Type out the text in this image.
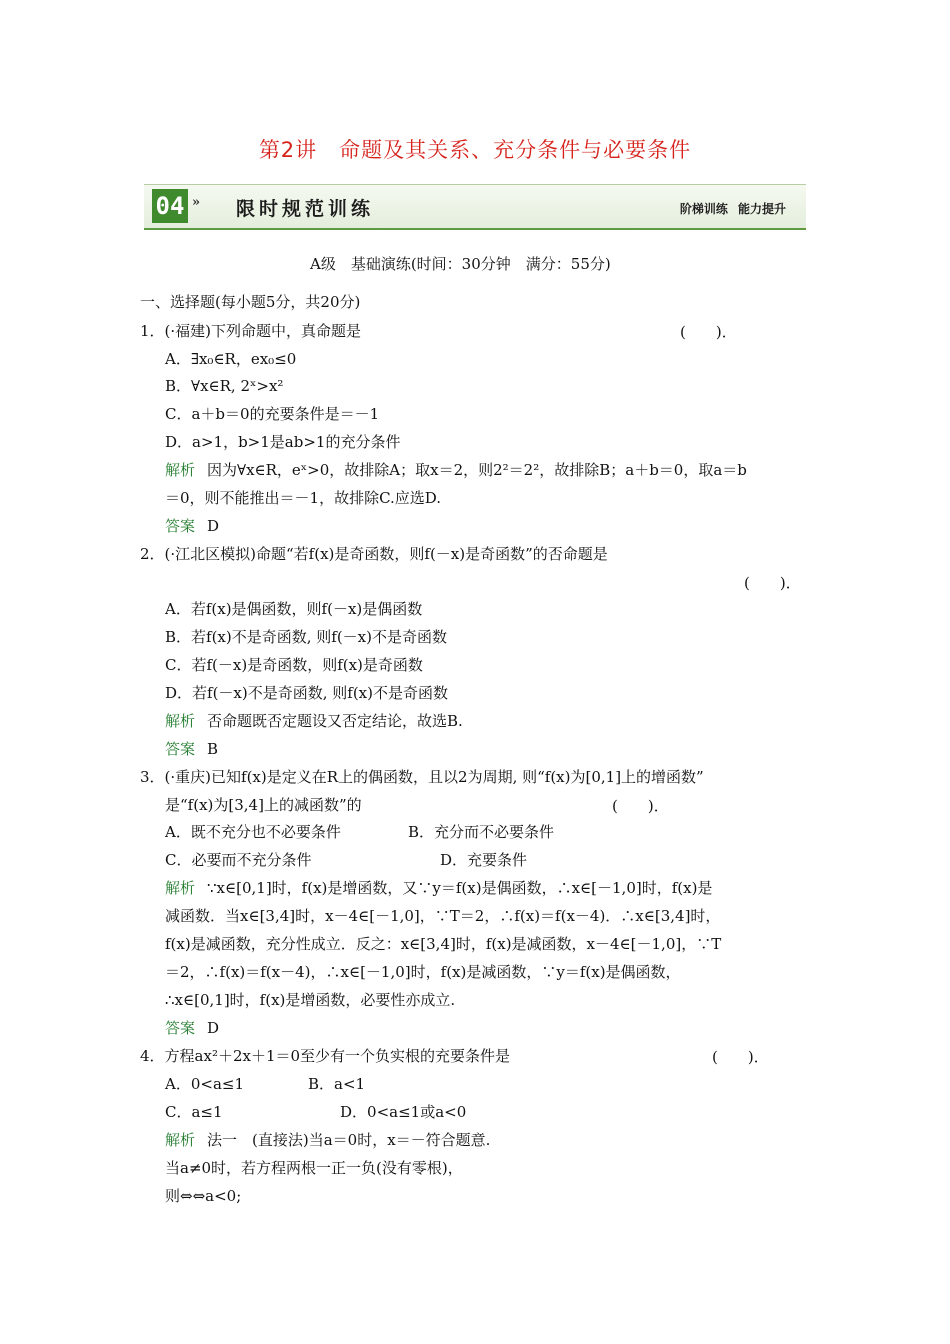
第2讲　命题及其关系、充分条件与必要条件
04 » 限时规范训练	阶梯训练 能力提升
A级　基础演练(时间：30分钟　满分：55分)
一、选择题(每小题5分，共20分)
1．(·福建)下列命题中，真命题是	(　　)．
A．∃x₀∈R，ex₀≤0
B．∀x∈R, 2ˣ>x²
C．a＋b＝0的充要条件是＝－1
D．a>1，b>1是ab>1的充分条件
解析 因为∀x∈R，eˣ>0，故排除A；取x＝2，则2²＝2²，故排除B；a＋b＝0，取a＝b
＝0，则不能推出＝－1，故排除C.应选D.
答案 D
2．(·江北区模拟)命题“若f(x)是奇函数，则f(－x)是奇函数”的否命题是
(　　)．
A．若f(x)是偶函数，则f(－x)是偶函数
B．若f(x)不是奇函数, 则f(－x)不是奇函数
C．若f(－x)是奇函数，则f(x)是奇函数
D．若f(－x)不是奇函数, 则f(x)不是奇函数
解析 否命题既否定题设又否定结论，故选B.
答案 B
3．(·重庆)已知f(x)是定义在R上的偶函数，且以2为周期, 则“f(x)为[0,1]上的增函数”
是“f(x)为[3,4]上的减函数”的	(　　)．
A．既不充分也不必要条件	B．充分而不必要条件
C．必要而不充分条件	D．充要条件
解析 ∵x∈[0,1]时，f(x)是增函数，又∵y＝f(x)是偶函数，∴x∈[－1,0]时，f(x)是
减函数．当x∈[3,4]时，x－4∈[－1,0]，∵T＝2，∴f(x)＝f(x－4)．∴x∈[3,4]时，
f(x)是减函数，充分性成立．反之：x∈[3,4]时，f(x)是减函数，x－4∈[－1,0]，∵T
＝2，∴f(x)＝f(x－4)，∴x∈[－1,0]时，f(x)是减函数，∵y＝f(x)是偶函数，
∴x∈[0,1]时，f(x)是增函数，必要性亦成立.
答案 D
4．方程ax²＋2x＋1＝0至少有一个负实根的充要条件是	(　　)．
A．0<a≤1	B．a<1
C．a≤1	D．0<a≤1或a<0
解析 法一　(直接法)当a＝0时，x＝－符合题意.
当a≠0时，若方程两根一正一负(没有零根)，
则⇔⇔a<0;
